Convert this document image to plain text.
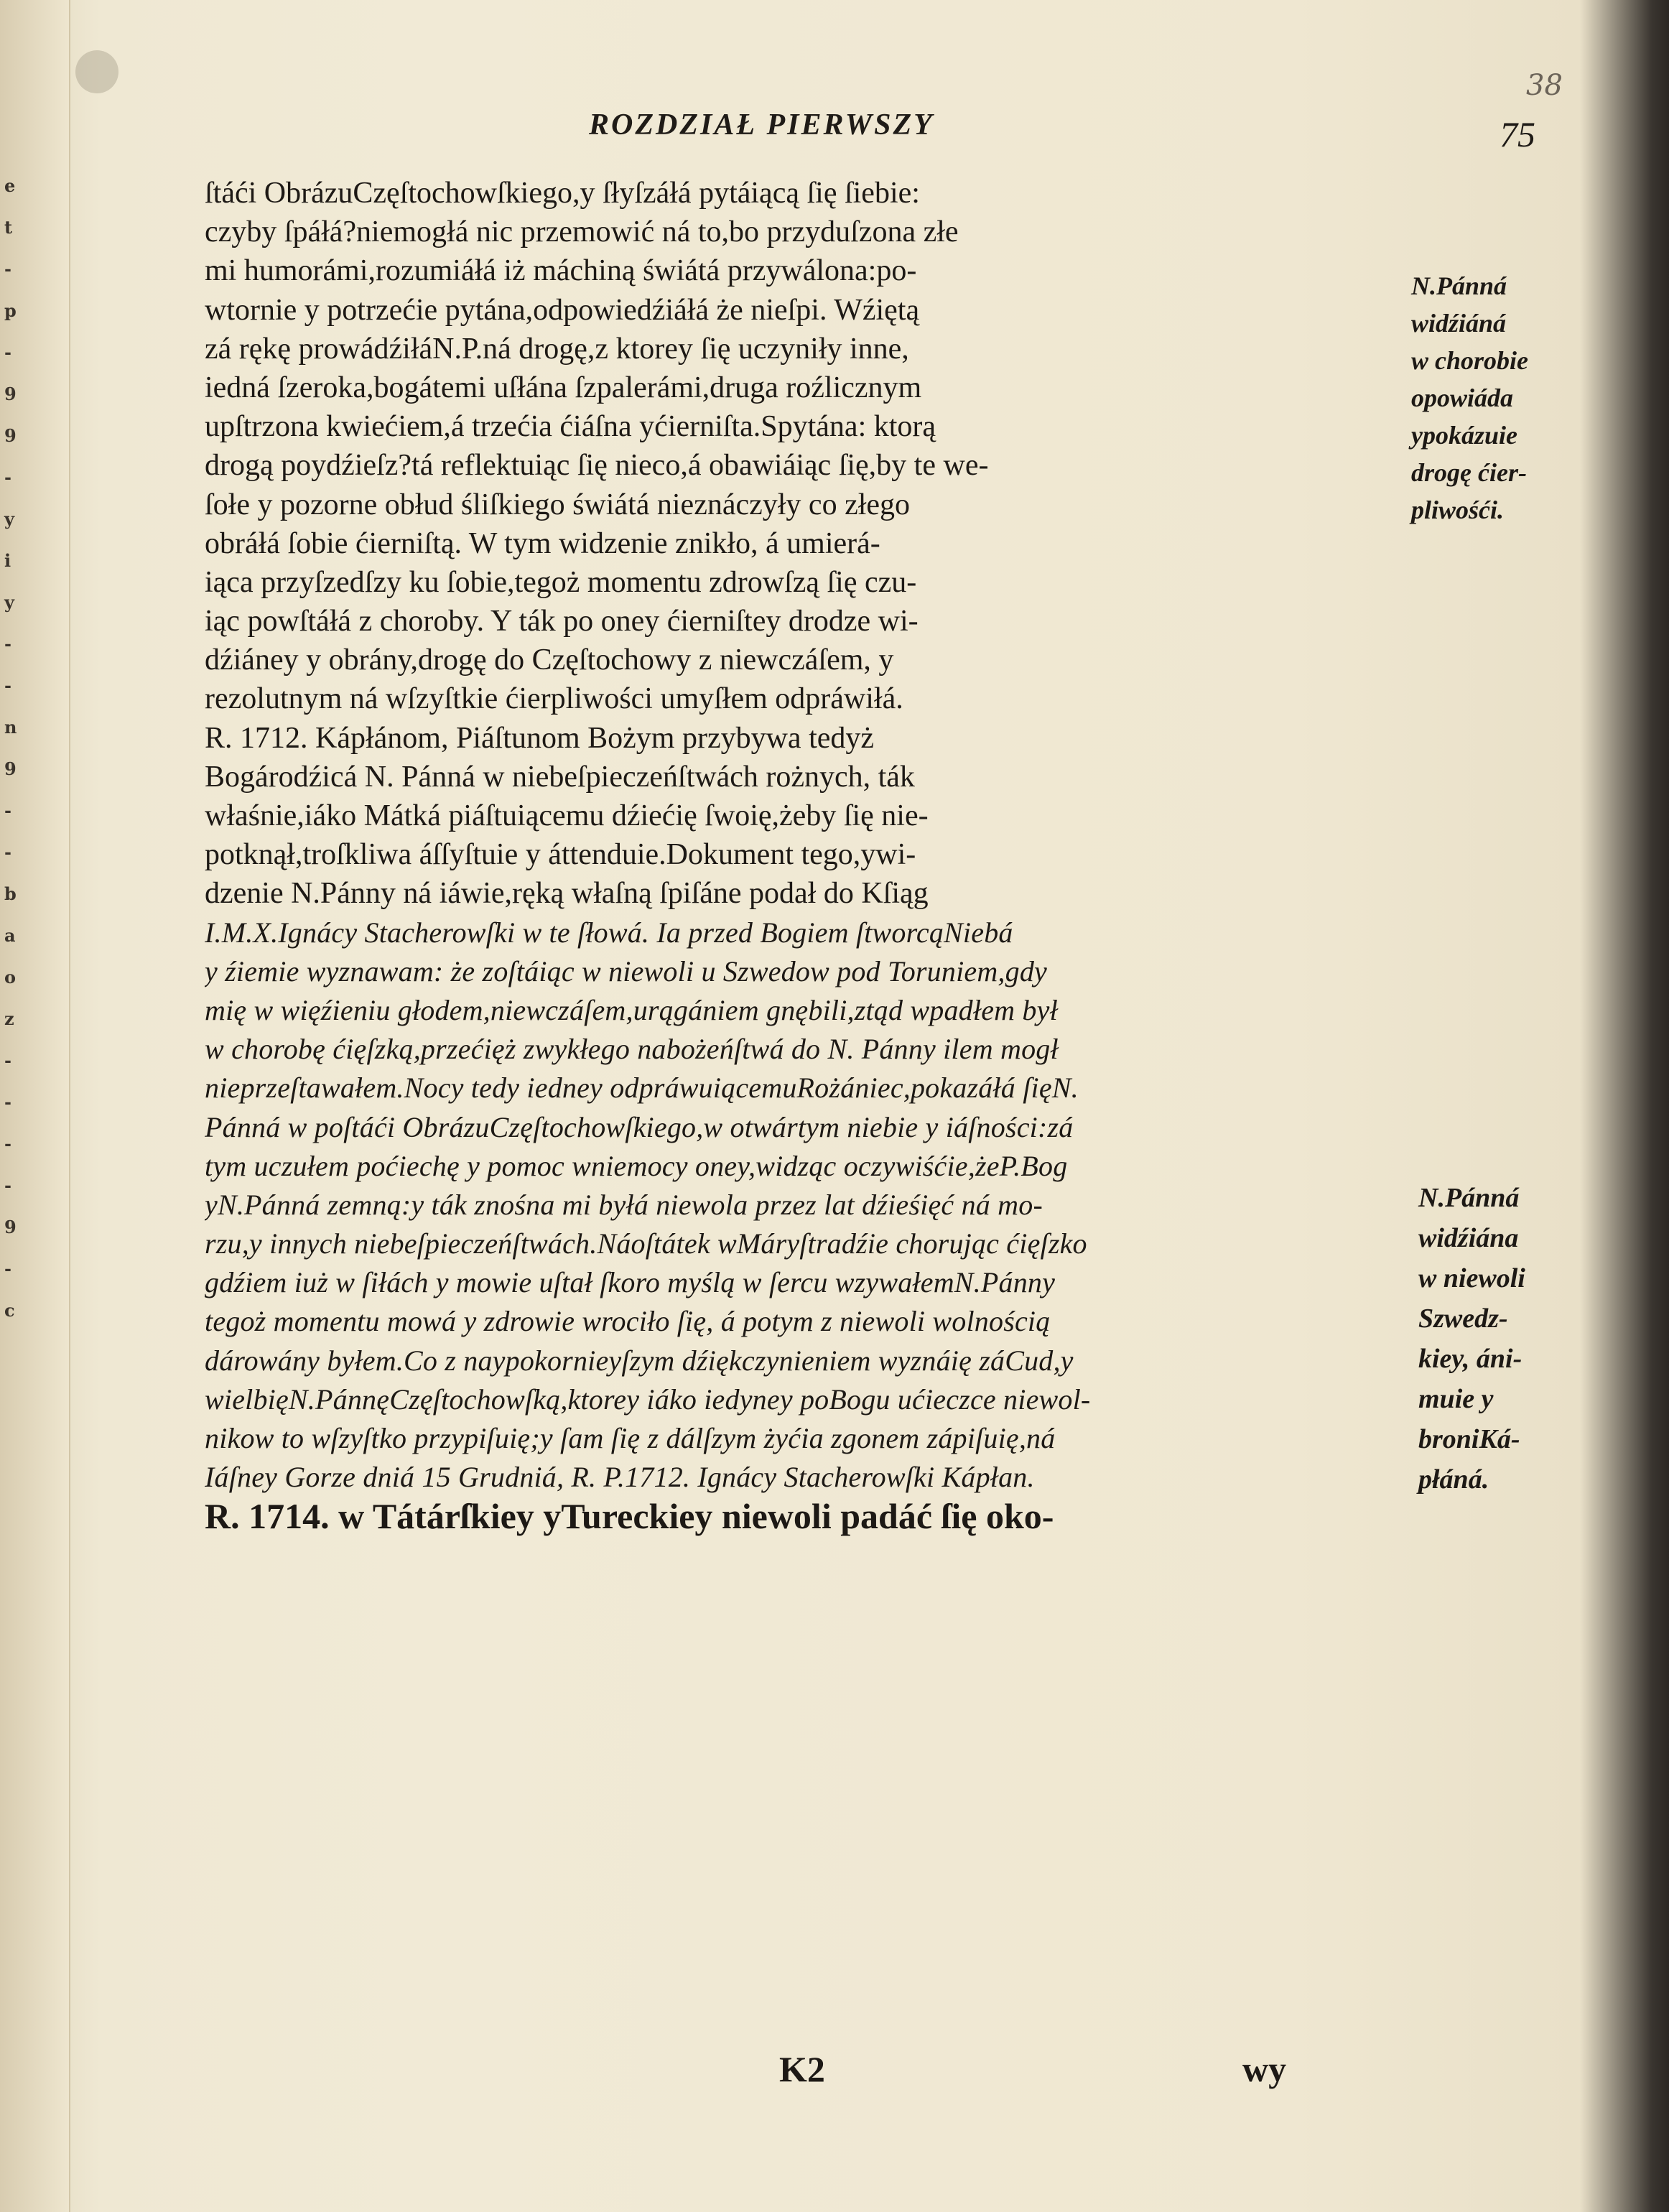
e
t
-
p
-
9
9
-
y
i
y
-
-
n
9
-
-
b
a
o
z
-
-
-
-
9
-
c
38
ROZDZIAŁ PIERWSZY	75
ſtáći ObrázuCzęſtochowſkiego,y ſłyſzáłá pytáiącą ſię ſiebie:
czyby ſpáłá?niemogłá nic przemowić ná to,bo przyduſzona złe
mi humorámi,rozumiáłá iż máchiną świátá przywálona:po-
wtornie y potrzećie pytána,odpowiedźiáłá że nieſpi. Wźiętą
zá rękę prowádźiłáN.P.ná drogę,z ktorey ſię uczyniły inne,
iedná ſzeroka,bogátemi uſłána ſzpalerámi,druga roźlicznym
upſtrzona kwiećiem,á trzećia ćiáſna yćierniſta.Spytána: ktorą
drogą poydźieſz?tá reflektuiąc ſię nieco,á obawiáiąc ſię,by te we-
ſołe y pozorne obłud śliſkiego świátá nieznáczyły co złego
obráłá ſobie ćierniſtą. W tym widzenie znikło, á umierá-
iąca przyſzedſzy ku ſobie,tegoż momentu zdrowſzą ſię czu-
iąc powſtáłá z choroby. Y ták po oney ćierniſtey drodze wi-
dźiáney y obrány,drogę do Częſtochowy z niewczáſem, y
rezolutnym ná wſzyſtkie ćierpliwości umyſłem odpráwiłá.
R. 1712. Kápłánom, Piáſtunom Bożym przybywa tedyż
Bogárodźicá N. Pánná w niebeſpieczeńſtwách rożnych, ták
właśnie,iáko Mátká piáſtuiącemu dźiećię ſwoię,żeby ſię nie-
potknął,troſkliwa áſſyſtuie y áttenduie.Dokument tego,ywi-
dzenie N.Pánny ná iáwie,ręką właſną ſpiſáne podał do Kſiąg
I.M.X.Ignácy Stacherowſki w te ſłowá. Ia przed Bogiem ſtworcąNiebá
y źiemie wyznawam: że zoſtáiąc w niewoli u Szwedow pod Toruniem,gdy
mię w więźieniu głodem,niewczáſem,urągániem gnębili,ztąd wpadłem był
w chorobę ćięſzką,przećięż zwykłego nabożeńſtwá do N. Pánny ilem mogł
nieprzeſtawałem.Nocy tedy iedney odpráwuiącemuRożániec,pokazáłá ſięN.
Pánná w poſtáći ObrázuCzęſtochowſkiego,w otwártym niebie y iáſności:zá
tym uczułem poćiechę y pomoc wniemocy oney,widząc oczywiśćie,żeP.Bog
yN.Pánná zemną:y ták znośna mi byłá niewola przez lat dźieśięć ná mo-
rzu,y innych niebeſpieczeńſtwách.Náoſtátek wMáryſtradźie chorując ćięſzko
gdźiem iuż w ſiłách y mowie uſtał ſkoro myślą w ſercu wzywałemN.Pánny
tegoż momentu mowá y zdrowie wrociło ſię, á potym z niewoli wolnością
dárowány byłem.Co z naypokornieyſzym dźiękczynieniem wyznáię záCud,y
wielbięN.PánnęCzęſtochowſką,ktorey iáko iedyney poBogu ućieczce niewol-
nikow to wſzyſtko przypiſuię;y ſam ſię z dálſzym żyćia zgonem zápiſuię,ná
Iáſney Gorze dniá 15 Grudniá, R. P.1712. Ignácy Stacherowſki Kápłan.
R. 1714. w Tátárſkiey yTureckiey niewoli padáć ſię oko-
N.Pánná
widźiáná
w chorobie
opowiáda
ypokázuie
drogę ćier-
pliwośći.
N.Pánná
widźiána
w niewoli
Szwedz-
kiey, áni-
muie y
broniKá-
płáná.
K2	wy
